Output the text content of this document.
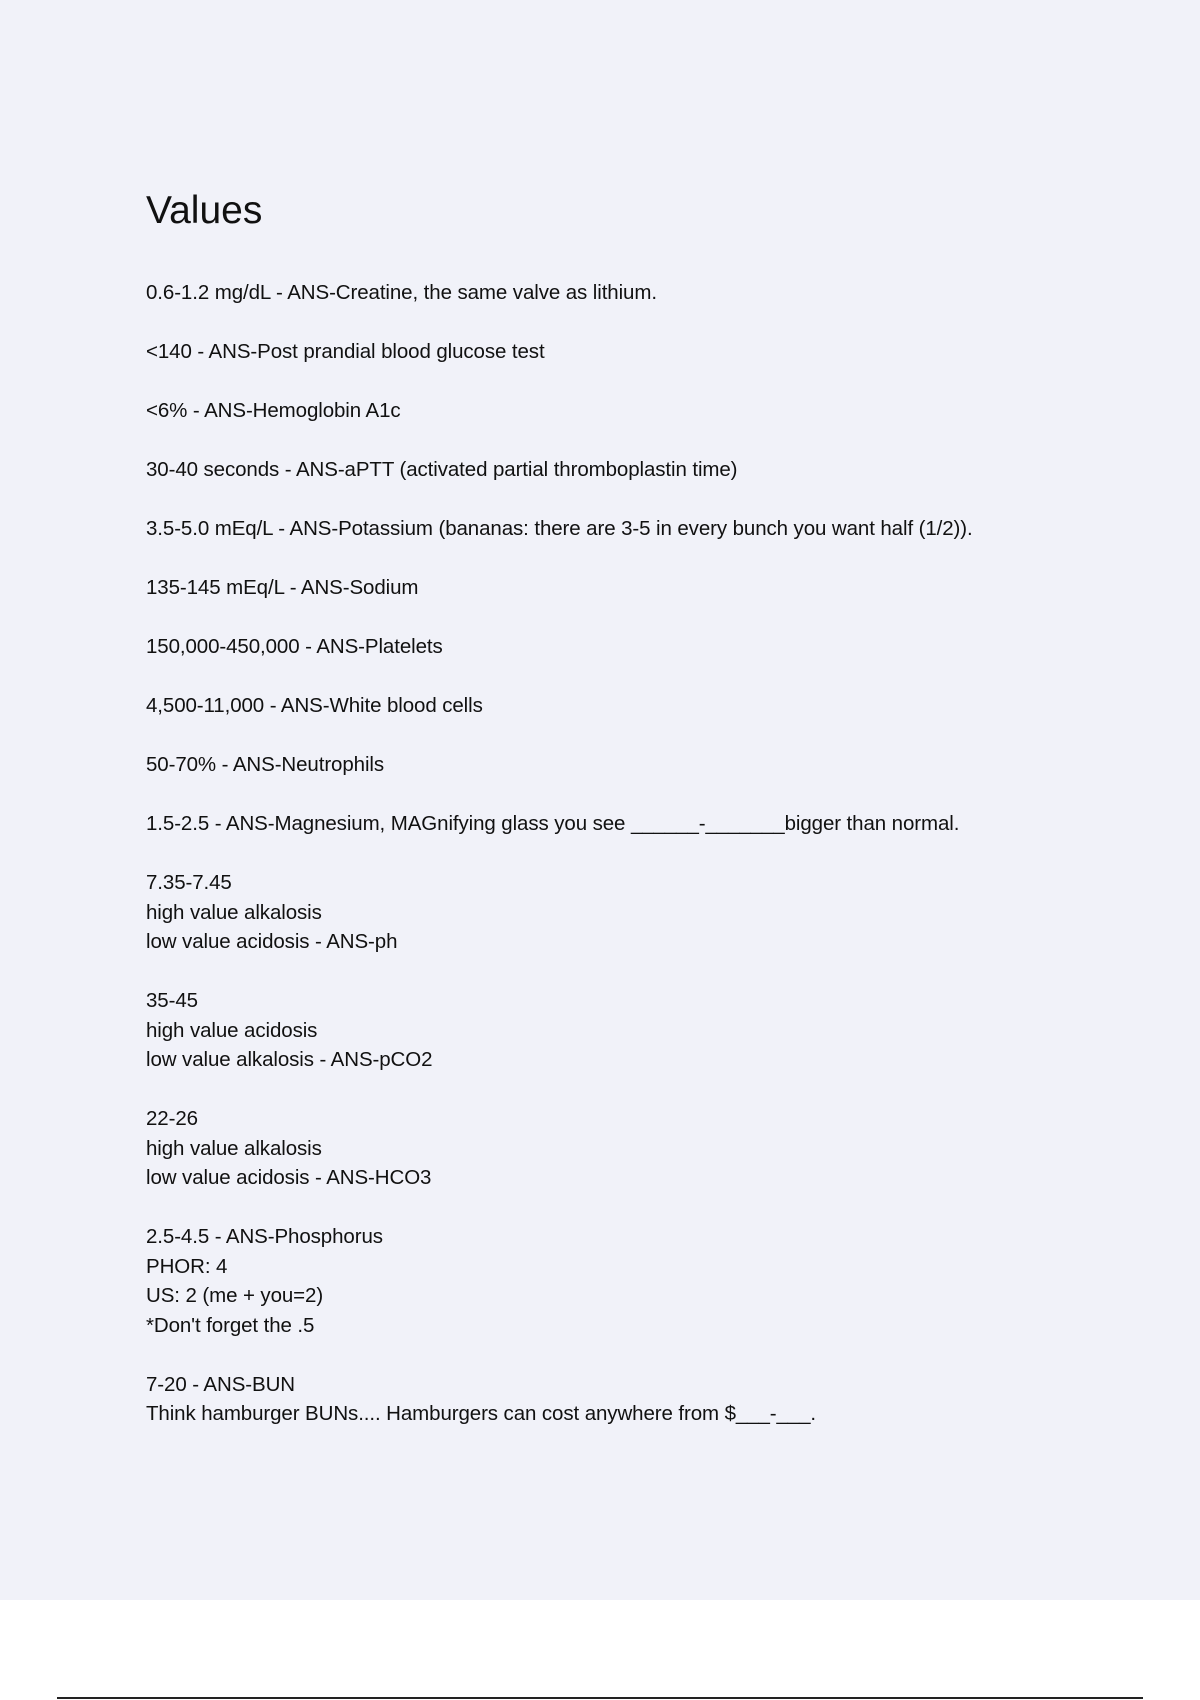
Values
0.6-1.2 mg/dL - ANS-Creatine, the same valve as lithium.
<140 - ANS-Post prandial blood glucose test
<6% - ANS-Hemoglobin A1c
30-40 seconds - ANS-aPTT (activated partial thromboplastin time)
3.5-5.0 mEq/L - ANS-Potassium (bananas: there are 3-5 in every bunch you want half (1/2)).
135-145 mEq/L - ANS-Sodium
150,000-450,000 - ANS-Platelets
4,500-11,000 - ANS-White blood cells
50-70% - ANS-Neutrophils
1.5-2.5 - ANS-Magnesium, MAGnifying glass you see ______-_______bigger than normal.
7.35-7.45
high value alkalosis
low value acidosis - ANS-ph
35-45
high value acidosis
low value alkalosis - ANS-pCO2
22-26
high value alkalosis
low value acidosis - ANS-HCO3
2.5-4.5 - ANS-Phosphorus
PHOR: 4
US: 2 (me + you=2)
*Don't forget the .5
7-20 - ANS-BUN
Think hamburger BUNs.... Hamburgers can cost anywhere from $___-___.
